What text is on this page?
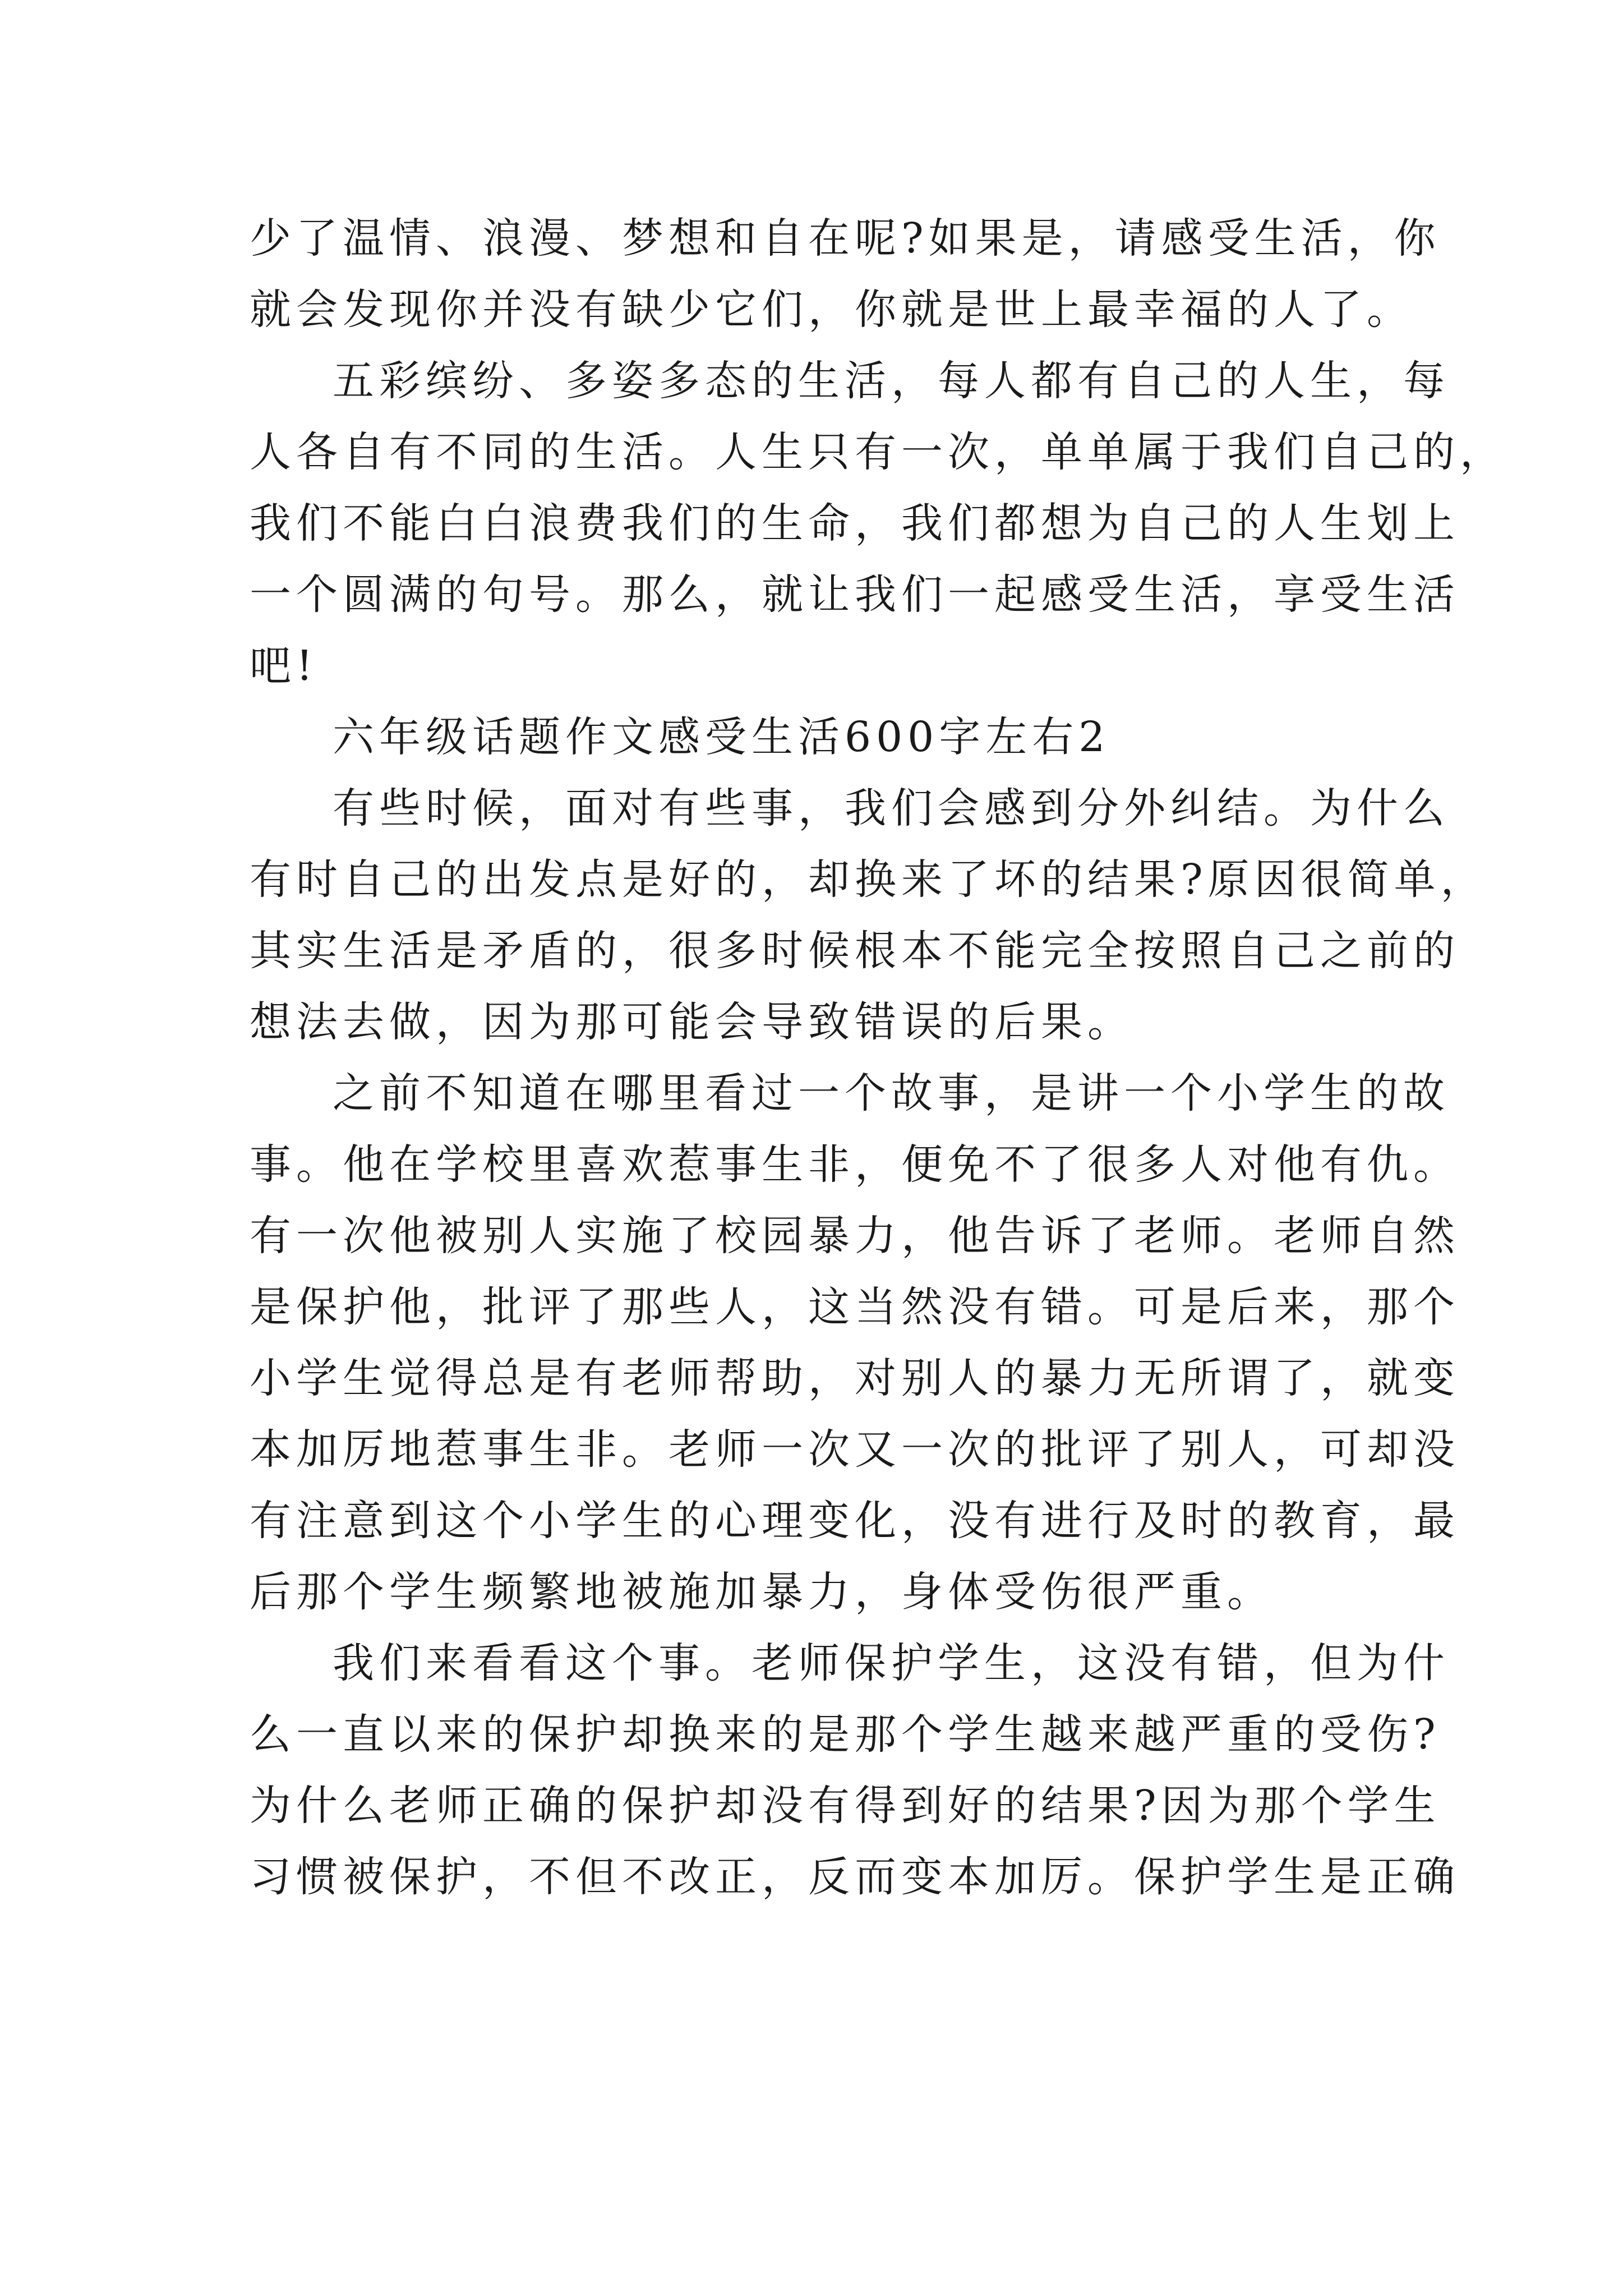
少了温情、浪漫、梦想和自在呢?如果是，请感受生活，你
就会发现你并没有缺少它们，你就是世上最幸福的人了。
五彩缤纷、多姿多态的生活，每人都有自己的人生，每
人各自有不同的生活。人生只有一次，单单属于我们自己的，
我们不能白白浪费我们的生命，我们都想为自己的人生划上
一个圆满的句号。那么，就让我们一起感受生活，享受生活
吧!
六年级话题作文感受生活600字左右2
有些时候，面对有些事，我们会感到分外纠结。为什么
有时自己的出发点是好的，却换来了坏的结果?原因很简单，
其实生活是矛盾的，很多时候根本不能完全按照自己之前的
想法去做，因为那可能会导致错误的后果。
之前不知道在哪里看过一个故事，是讲一个小学生的故
事。他在学校里喜欢惹事生非，便免不了很多人对他有仇。
有一次他被别人实施了校园暴力，他告诉了老师。老师自然
是保护他，批评了那些人，这当然没有错。可是后来，那个
小学生觉得总是有老师帮助，对别人的暴力无所谓了，就变
本加厉地惹事生非。老师一次又一次的批评了别人，可却没
有注意到这个小学生的心理变化，没有进行及时的教育，最
后那个学生频繁地被施加暴力，身体受伤很严重。
我们来看看这个事。老师保护学生，这没有错，但为什
么一直以来的保护却换来的是那个学生越来越严重的受伤?
为什么老师正确的保护却没有得到好的结果?因为那个学生
习惯被保护，不但不改正，反而变本加厉。保护学生是正确
